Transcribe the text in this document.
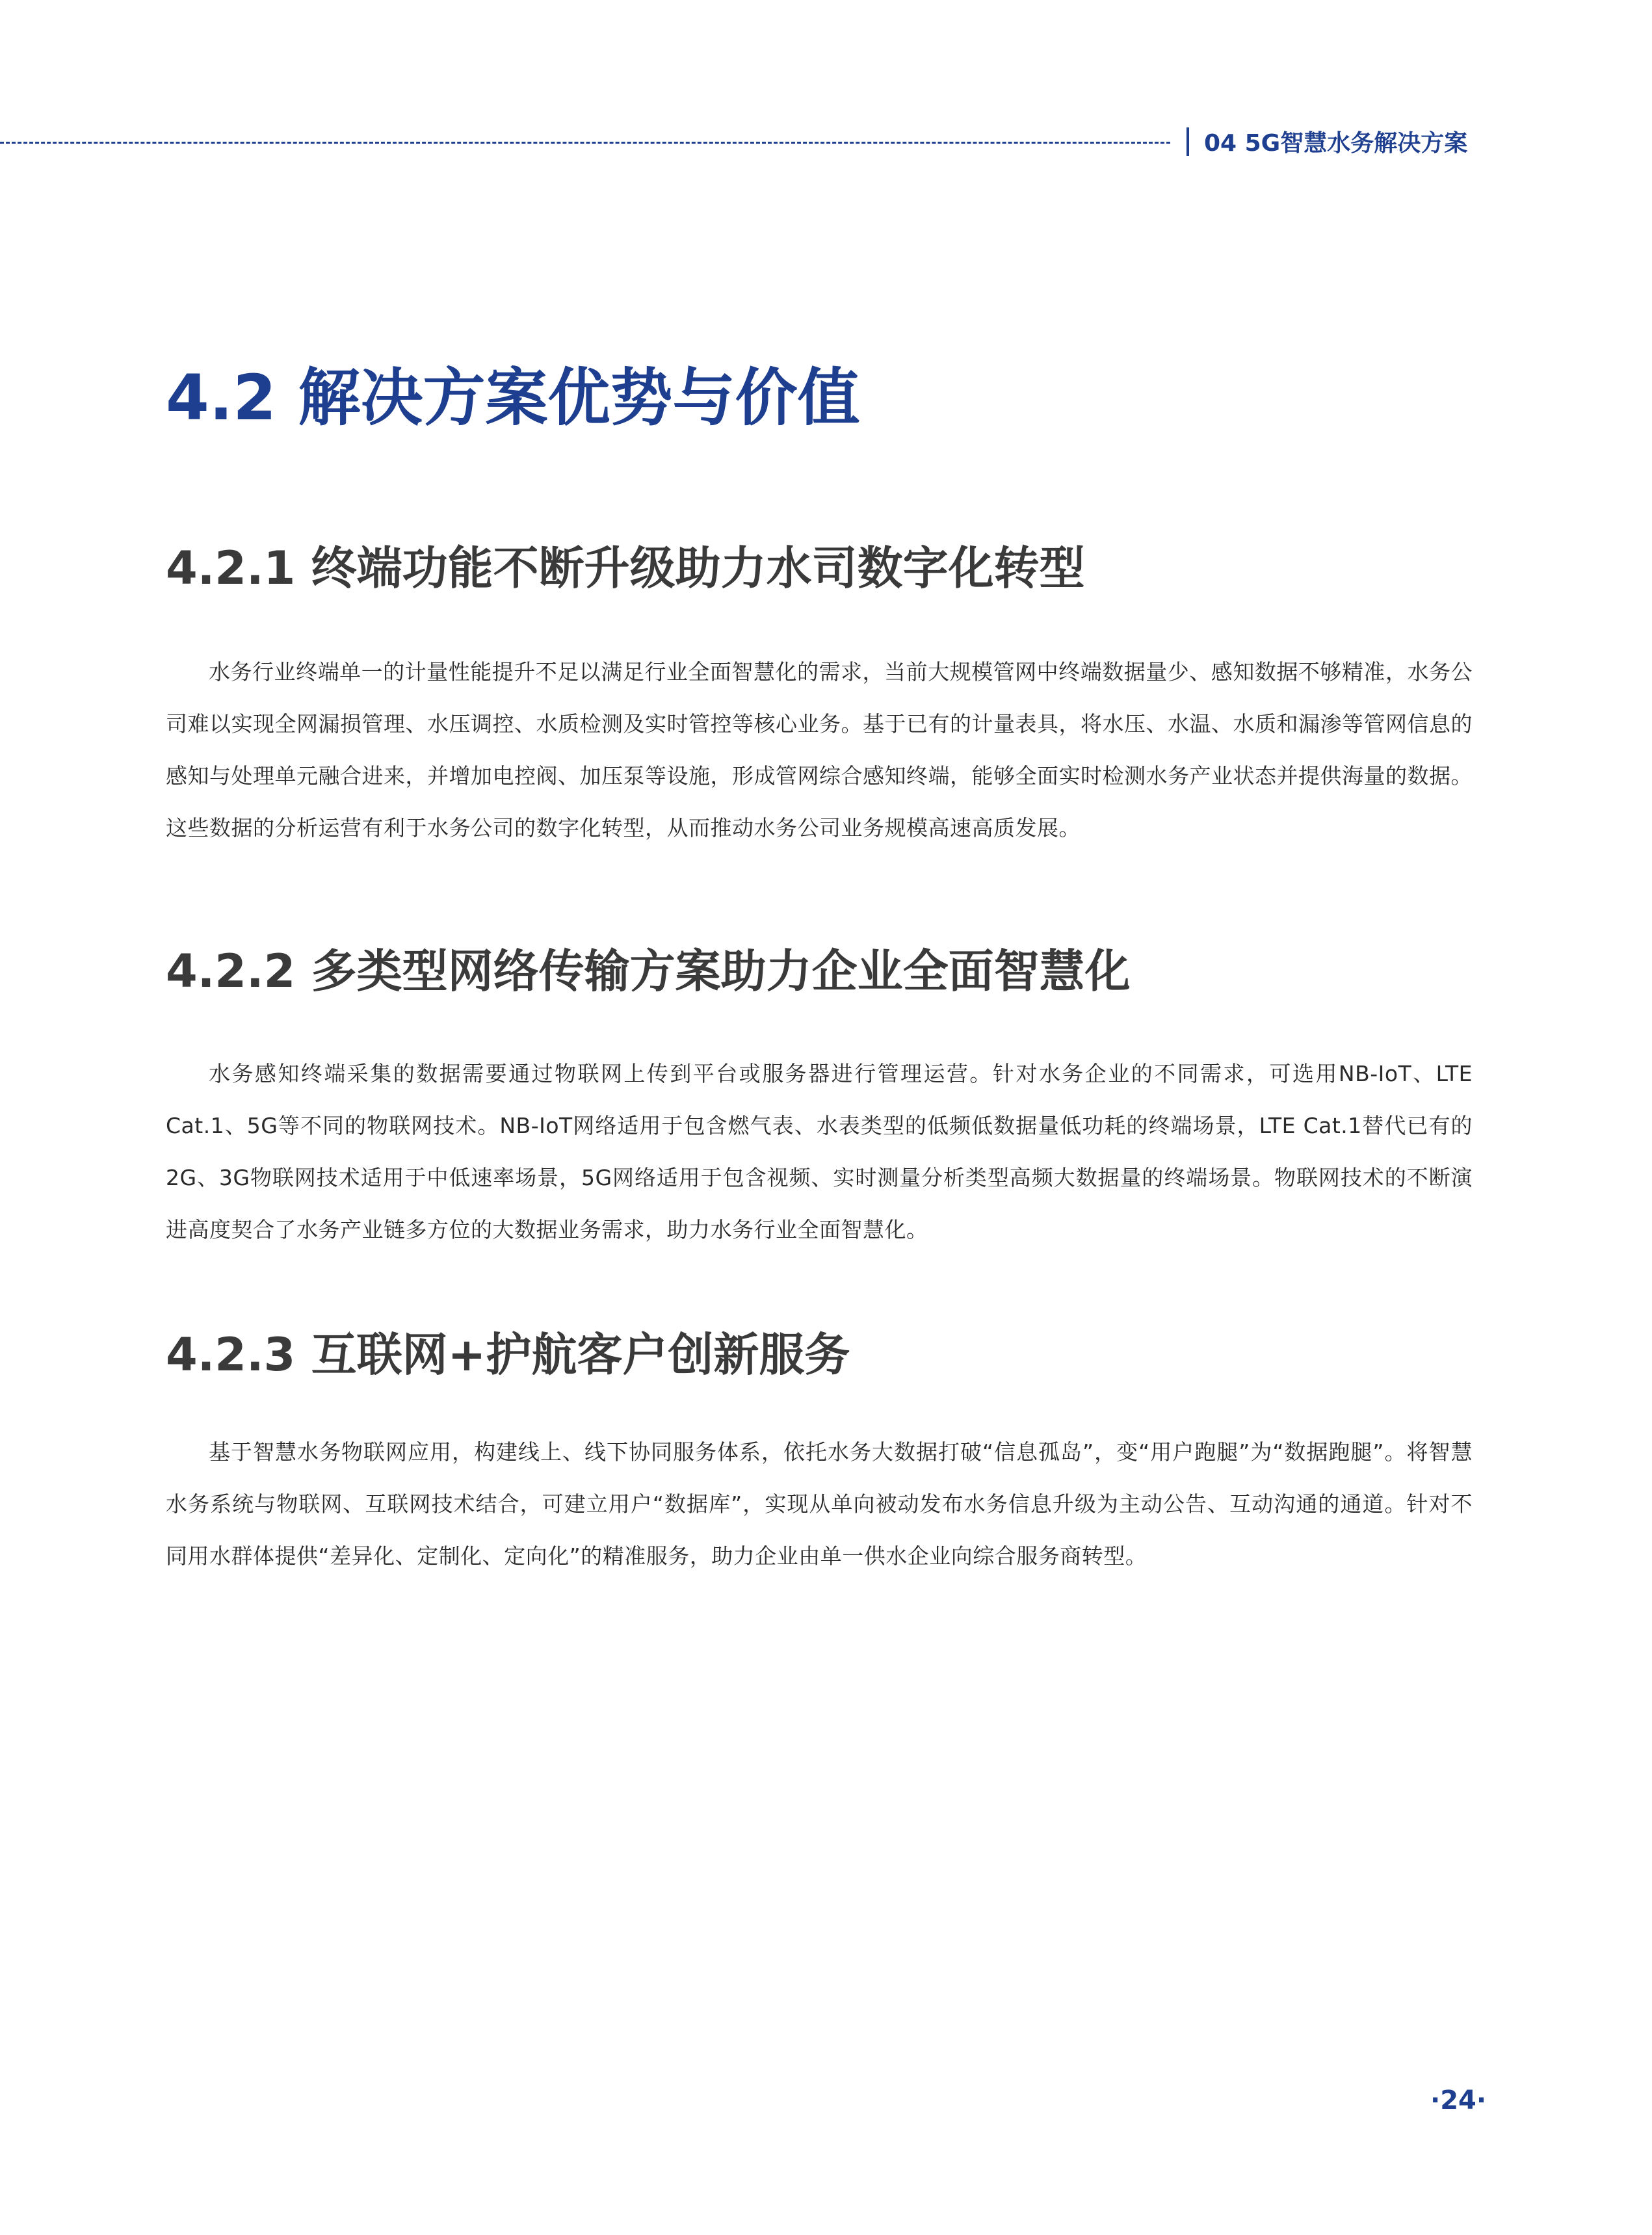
04 5G智慧水务解决方案
4.2 解决方案优势与价值
4.2.1 终端功能不断升级助力水司数字化转型

水务行业终端单一的计量性能提升不足以满足行业全面智慧化的需求，当前大规模管网中终端数据量少、感知数据不够精准，水务公司难以实现全网漏损管理、水压调控、水质检测及实时管控等核心业务。基于已有的计量表具，将水压、水温、水质和漏渗等管网信息的感知与处理单元融合进来，并增加电控阀、加压泵等设施，形成管网综合感知终端，能够全面实时检测水务产业状态并提供海量的数据。这些数据的分析运营有利于水务公司的数字化转型，从而推动水务公司业务规模高速高质发展。

4.2.2 多类型网络传输方案助力企业全面智慧化

水务感知终端采集的数据需要通过物联网上传到平台或服务器进行管理运营。针对水务企业的不同需求，可选用NB-IoT、LTE Cat.1、5G等不同的物联网技术。NB-IoT网络适用于包含燃气表、水表类型的低频低数据量低功耗的终端场景，LTE Cat.1替代已有的2G、3G物联网技术适用于中低速率场景，5G网络适用于包含视频、实时测量分析类型高频大数据量的终端场景。物联网技术的不断演进高度契合了水务产业链多方位的大数据业务需求，助力水务行业全面智慧化。

4.2.3 互联网+护航客户创新服务

基于智慧水务物联网应用，构建线上、线下协同服务体系，依托水务大数据打破“信息孤岛”，变“用户跑腿”为“数据跑腿”。将智慧水务系统与物联网、互联网技术结合，可建立用户“数据库”，实现从单向被动发布水务信息升级为主动公告、互动沟通的通道。针对不同用水群体提供“差异化、定制化、定向化”的精准服务，助力企业由单一供水企业向综合服务商转型。

·24·
